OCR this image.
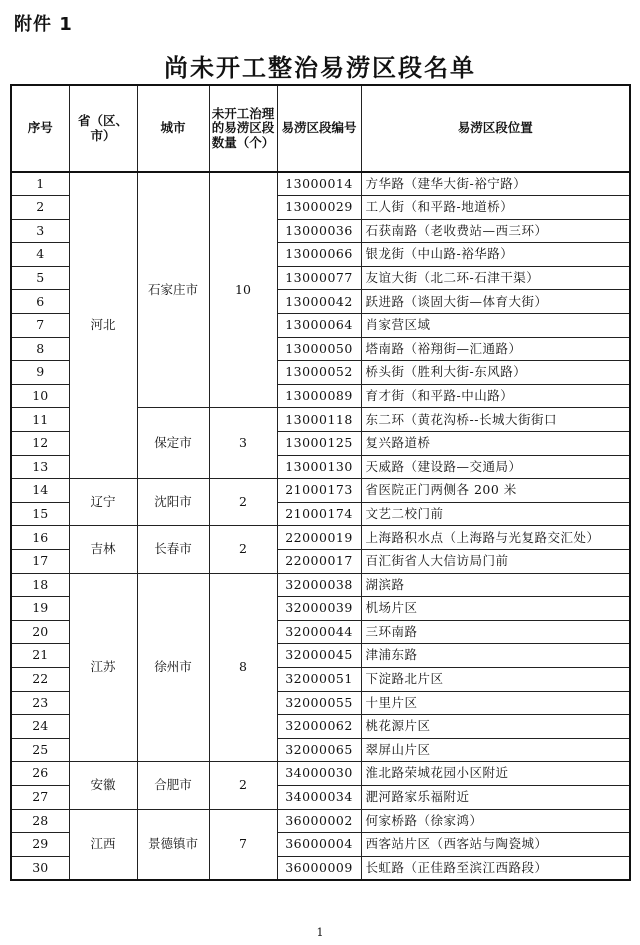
附件 1
尚未开工整治易涝区段名单
序号	省（区、市）	城市	未开工治理的易涝区段数量（个）	易涝区段编号	易涝区段位置
1	河北	石家庄市	10	13000014	方华路（建华大街-裕宁路）
2				13000029	工人街（和平路-地道桥）
3				13000036	石获南路（老收费站—西三环）
4				13000066	银龙街（中山路-裕华路）
5				13000077	友谊大街（北二环-石津干渠）
6				13000042	跃进路（谈固大街—体育大街）
7				13000064	肖家营区域
8				13000050	塔南路（裕翔街—汇通路）
9				13000052	桥头街（胜利大街-东风路）
10				13000089	育才街（和平路-中山路）
11		保定市	3	13000118	东二环（黄花沟桥--长城大街街口
12				13000125	复兴路道桥
13				13000130	天威路（建设路—交通局）
14	辽宁	沈阳市	2	21000173	省医院正门两侧各 200 米
15				21000174	文艺二校门前
16	吉林	长春市	2	22000019	上海路积水点（上海路与光复路交汇处）
17				22000017	百汇街省人大信访局门前
18	江苏	徐州市	8	32000038	湖滨路
19				32000039	机场片区
20				32000044	三环南路
21				32000045	津浦东路
22				32000051	下淀路北片区
23				32000055	十里片区
24				32000062	桃花源片区
25				32000065	翠屏山片区
26	安徽	合肥市	2	34000030	淮北路荣城花园小区附近
27				34000034	淝河路家乐福附近
28	江西	景德镇市	7	36000002	何家桥路（徐家鸿）
29				36000004	西客站片区（西客站与陶瓷城）
30				36000009	长虹路（正佳路至滨江西路段）
1
